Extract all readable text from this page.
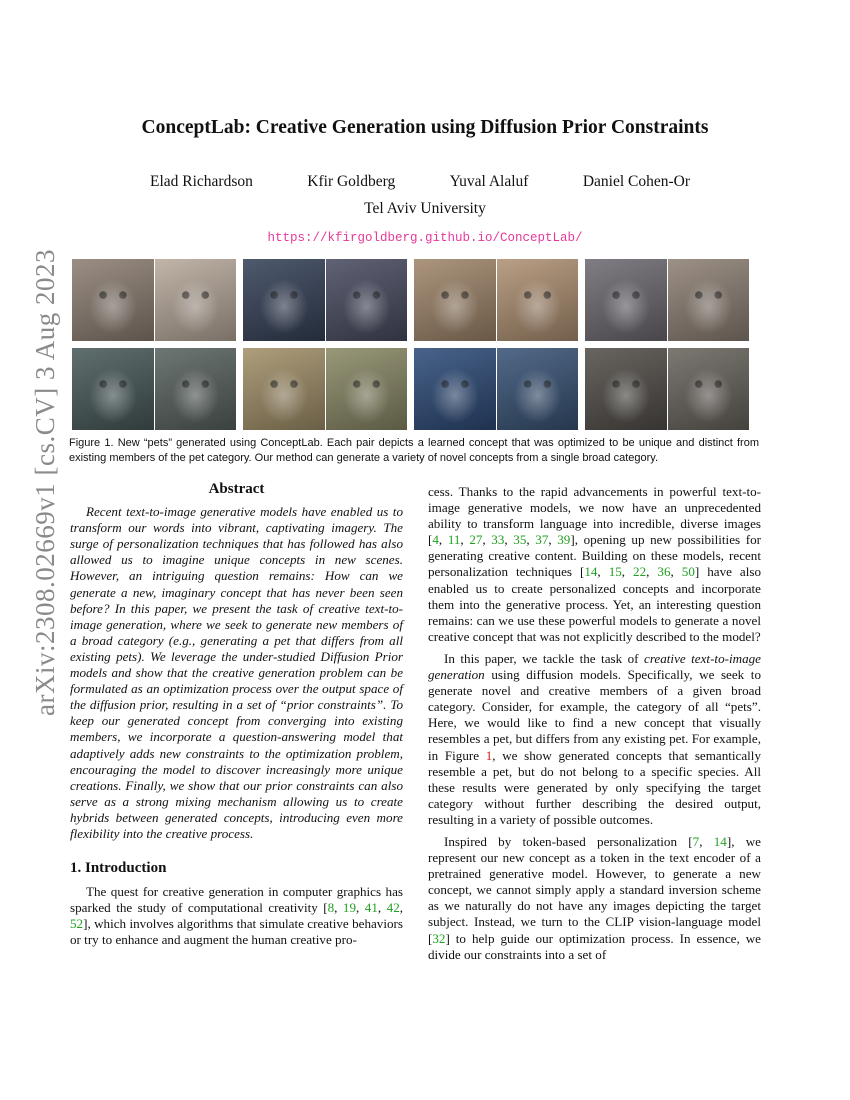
arXiv:2308.02669v1 [cs.CV] 3 Aug 2023
ConceptLab: Creative Generation using Diffusion Prior Constraints
Elad Richardson	Kfir Goldberg	Yuval Alaluf	Daniel Cohen-Or
Tel Aviv University
https://kfirgoldberg.github.io/ConceptLab/
Figure 1. New “pets” generated using ConceptLab. Each pair depicts a learned concept that was optimized to be unique and distinct from existing members of the pet category. Our method can generate a variety of novel concepts from a single broad category.
Abstract

Recent text-to-image generative models have enabled us to transform our words into vibrant, captivating imagery. The surge of personalization techniques that has followed has also allowed us to imagine unique concepts in new scenes. However, an intriguing question remains: How can we generate a new, imaginary concept that has never been seen before? In this paper, we present the task of creative text-to-image generation, where we seek to generate new members of a broad category (e.g., generating a pet that differs from all existing pets). We leverage the under-studied Diffusion Prior models and show that the creative generation problem can be formulated as an optimization process over the output space of the diffusion prior, resulting in a set of “prior constraints”. To keep our generated concept from converging into existing members, we incorporate a question-answering model that adaptively adds new constraints to the optimization problem, encouraging the model to discover increasingly more unique creations. Finally, we show that our prior constraints can also serve as a strong mixing mechanism allowing us to create hybrids between generated concepts, introducing even more flexibility into the creative process.

1. Introduction

The quest for creative generation in computer graphics has sparked the study of computational creativity [8, 19, 41, 42, 52], which involves algorithms that simulate creative behaviors or try to enhance and augment the human creative pro-

cess. Thanks to the rapid advancements in powerful text-to-image generative models, we now have an unprecedented ability to transform language into incredible, diverse images [4, 11, 27, 33, 35, 37, 39], opening up new possibilities for generating creative content. Building on these models, recent personalization techniques [14, 15, 22, 36, 50] have also enabled us to create personalized concepts and incorporate them into the generative process. Yet, an interesting question remains: can we use these powerful models to generate a novel creative concept that was not explicitly described to the model?

In this paper, we tackle the task of creative text-to-image generation using diffusion models. Specifically, we seek to generate novel and creative members of a given broad category. Consider, for example, the category of all “pets”. Here, we would like to find a new concept that visually resembles a pet, but differs from any existing pet. For example, in Figure 1, we show generated concepts that semantically resemble a pet, but do not belong to a specific species. All these results were generated by only specifying the target category without further describing the desired output, resulting in a variety of possible outcomes.

Inspired by token-based personalization [7, 14], we represent our new concept as a token in the text encoder of a pretrained generative model. However, to generate a new concept, we cannot simply apply a standard inversion scheme as we naturally do not have any images depicting the target subject. Instead, we turn to the CLIP vision-language model [32] to help guide our optimization process. In essence, we divide our constraints into a set of
